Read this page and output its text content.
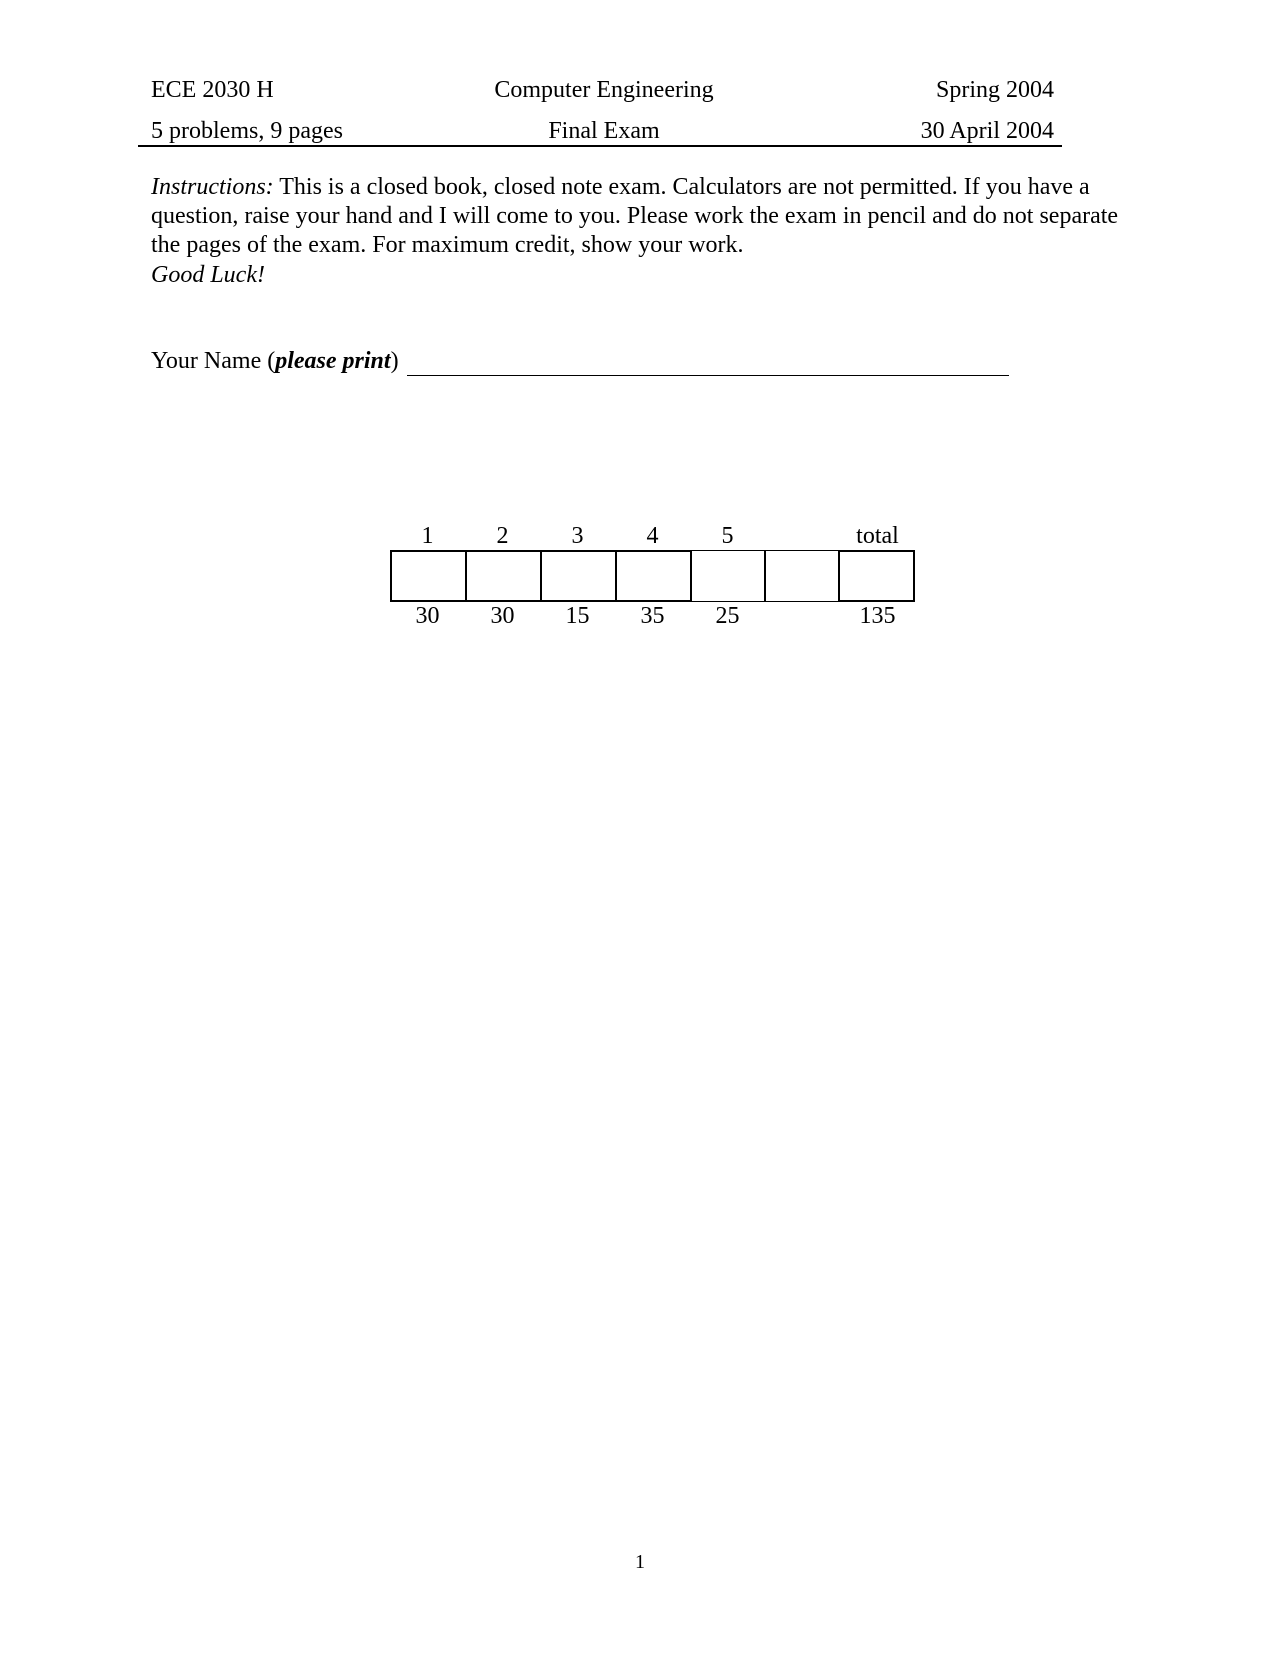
ECE 2030 H	Computer Engineering	Spring 2004
5 problems, 9 pages	Final Exam	30 April 2004
Instructions: This is a closed book, closed note exam. Calculators are not permitted. If you have a question, raise your hand and I will come to you. Please work the exam in pencil and do not separate the pages of the exam. For maximum credit, show your work.
Good Luck!
Your Name ( please print )
1	2	3	4	5	total
30	30	15	35	25	135
1
